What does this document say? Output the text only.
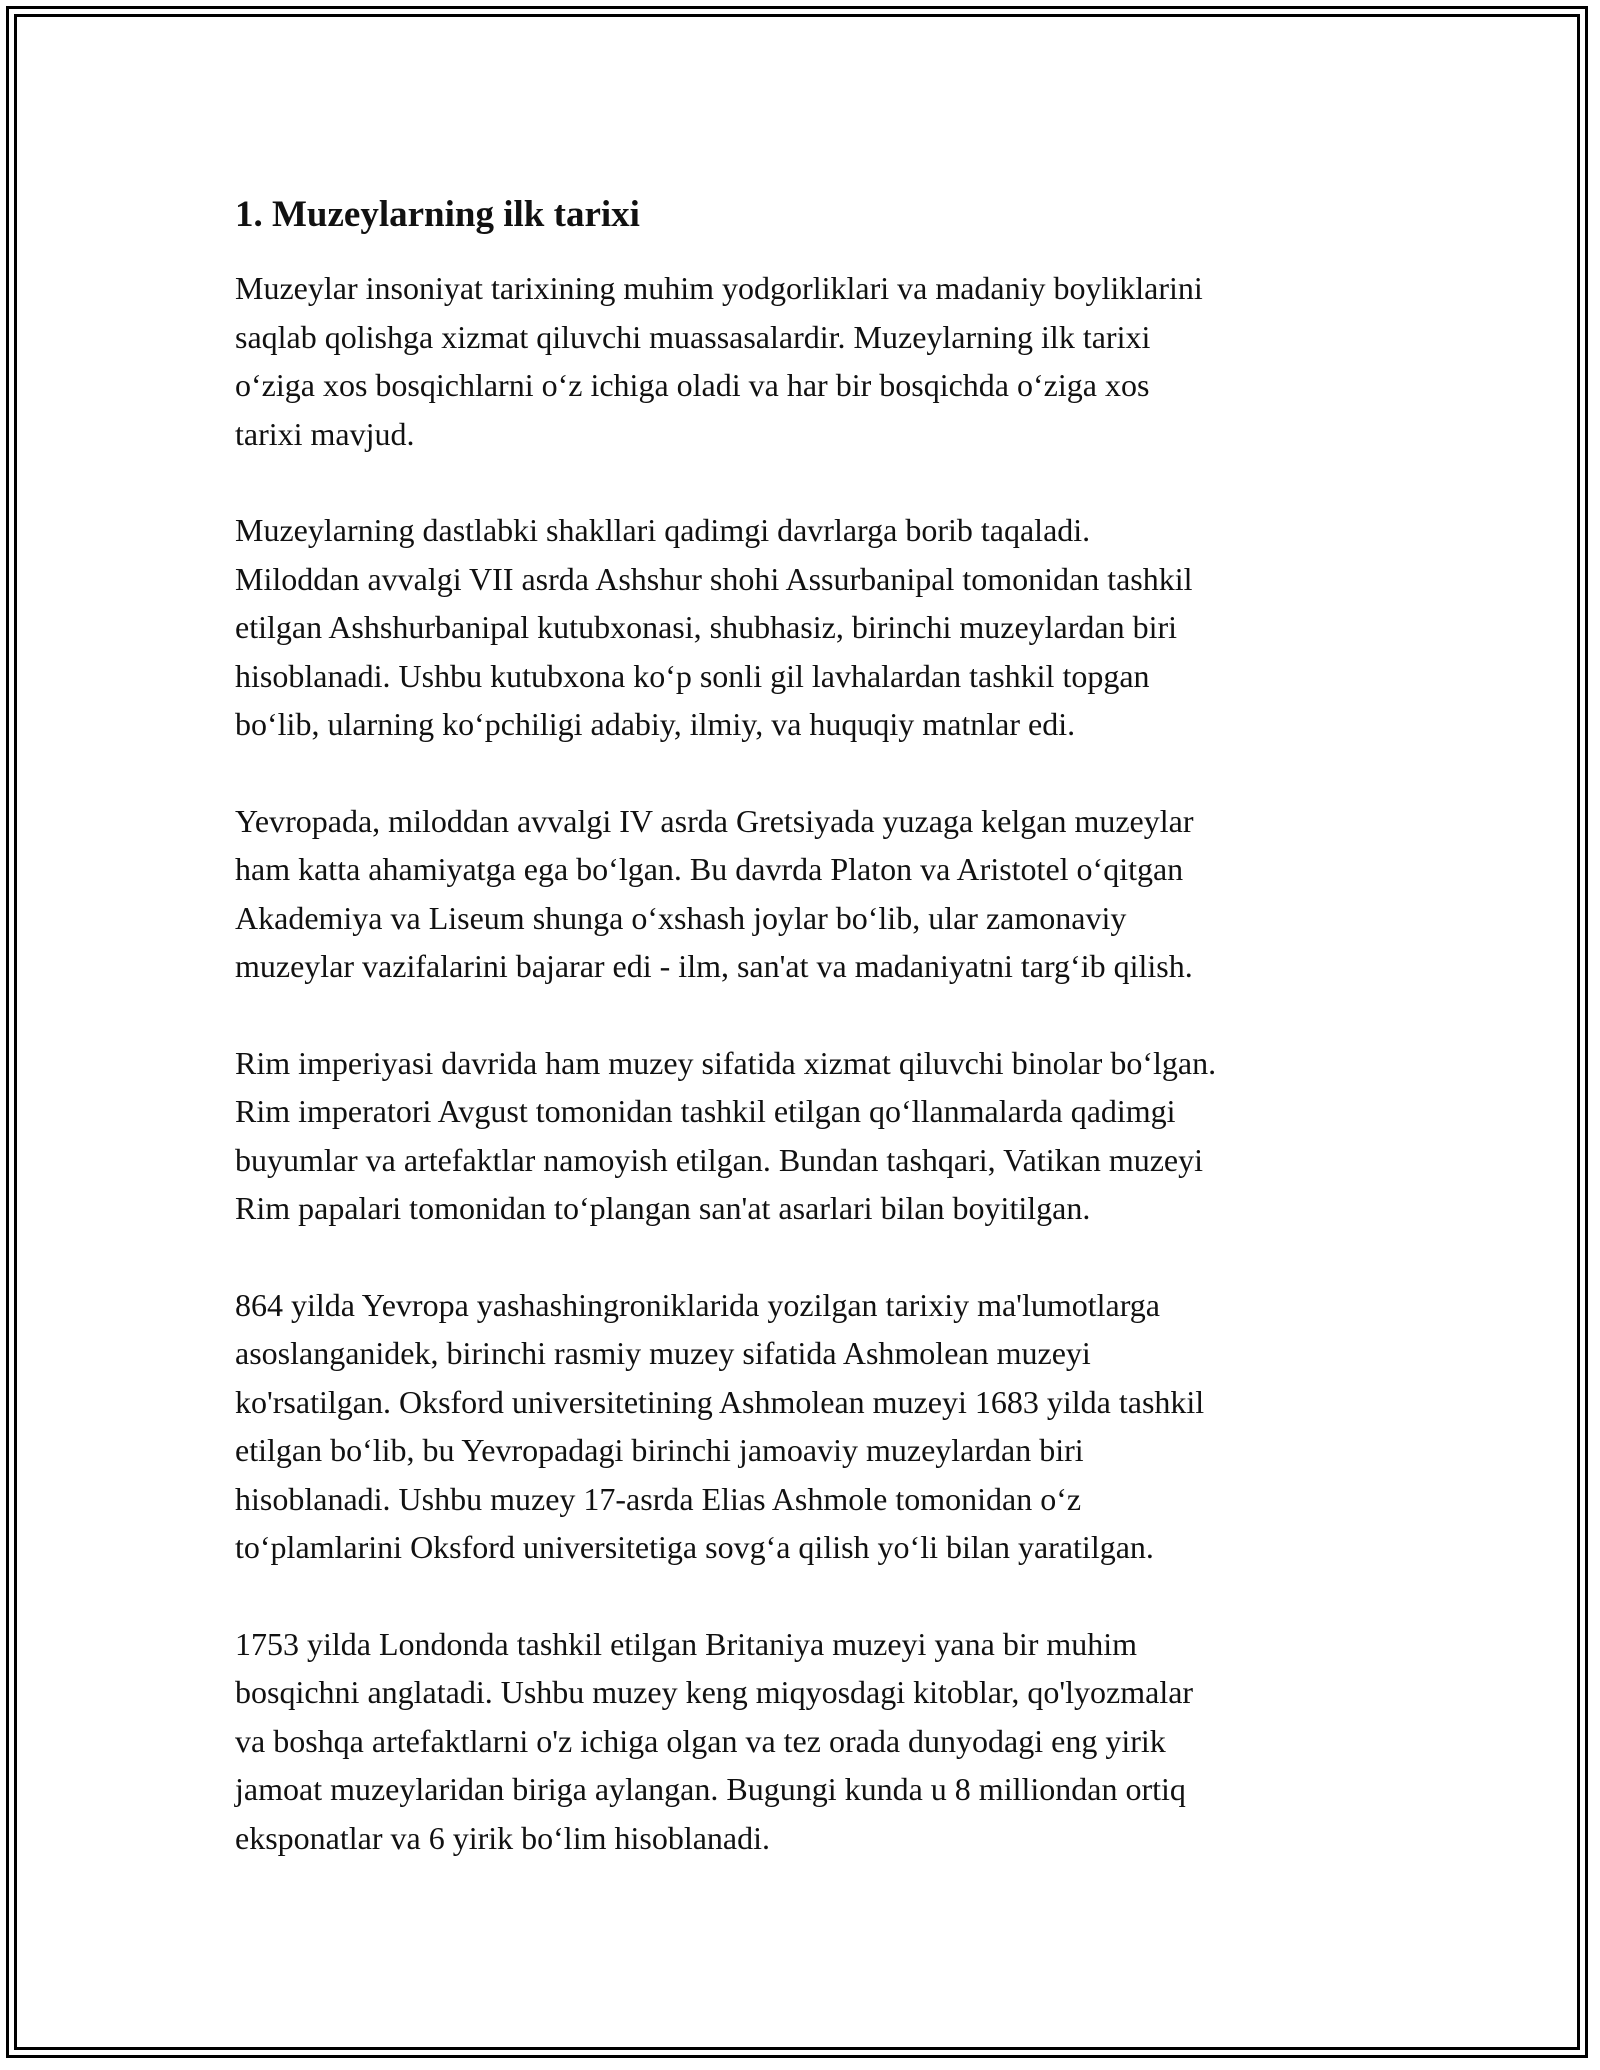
1. Muzeylarning ilk tarixi

Muzeylar insoniyat tarixining muhim yodgorliklari va madaniy boyliklarini
saqlab qolishga xizmat qiluvchi muassasalardir. Muzeylarning ilk tarixi
o‘ziga xos bosqichlarni o‘z ichiga oladi va har bir bosqichda o‘ziga xos
tarixi mavjud.

Muzeylarning dastlabki shakllari qadimgi davrlarga borib taqaladi.
Miloddan avvalgi VII asrda Ashshur shohi Assurbanipal tomonidan tashkil
etilgan Ashshurbanipal kutubxonasi, shubhasiz, birinchi muzeylardan biri
hisoblanadi. Ushbu kutubxona ko‘p sonli gil lavhalardan tashkil topgan
bo‘lib, ularning ko‘pchiligi adabiy, ilmiy, va huquqiy matnlar edi.

Yevropada, miloddan avvalgi IV asrda Gretsiyada yuzaga kelgan muzeylar
ham katta ahamiyatga ega bo‘lgan. Bu davrda Platon va Aristotel o‘qitgan
Akademiya va Liseum shunga o‘xshash joylar bo‘lib, ular zamonaviy
muzeylar vazifalarini bajarar edi - ilm, san'at va madaniyatni targ‘ib qilish.

Rim imperiyasi davrida ham muzey sifatida xizmat qiluvchi binolar bo‘lgan.
Rim imperatori Avgust tomonidan tashkil etilgan qo‘llanmalarda qadimgi
buyumlar va artefaktlar namoyish etilgan. Bundan tashqari, Vatikan muzeyi
Rim papalari tomonidan to‘plangan san'at asarlari bilan boyitilgan.

864 yilda Yevropa yashashingroniklarida yozilgan tarixiy ma'lumotlarga
asoslanganidek, birinchi rasmiy muzey sifatida Ashmolean muzeyi
ko'rsatilgan. Oksford universitetining Ashmolean muzeyi 1683 yilda tashkil
etilgan bo‘lib, bu Yevropadagi birinchi jamoaviy muzeylardan biri
hisoblanadi. Ushbu muzey 17-asrda Elias Ashmole tomonidan o‘z
to‘plamlarini Oksford universitetiga sovg‘a qilish yo‘li bilan yaratilgan.

1753 yilda Londonda tashkil etilgan Britaniya muzeyi yana bir muhim
bosqichni anglatadi. Ushbu muzey keng miqyosdagi kitoblar, qo'lyozmalar
va boshqa artefaktlarni o'z ichiga olgan va tez orada dunyodagi eng yirik
jamoat muzeylaridan biriga aylangan. Bugungi kunda u 8 milliondan ortiq
eksponatlar va 6 yirik bo‘lim hisoblanadi.
